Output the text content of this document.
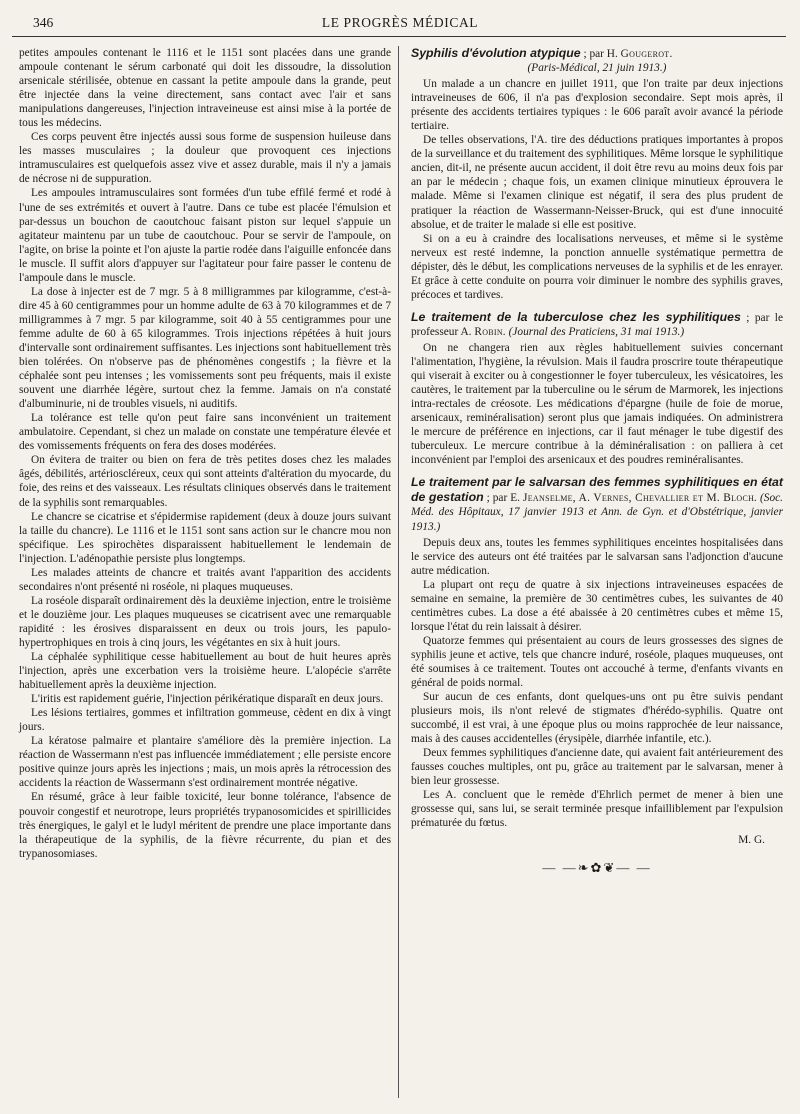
346	LE PROGRÈS MÉDICAL

petites ampoules contenant le 1116 et le 1151 sont placées dans une grande ampoule contenant le sérum carbonaté qui doit les dissoudre, la dissolution arsenicale stérilisée, obtenue en cassant la petite ampoule dans la grande, peut être injectée dans la veine directement, sans contact avec l'air et sans manipulations dangereuses, l'injection intraveineuse est ainsi mise à la portée de tous les médecins.

Ces corps peuvent être injectés aussi sous forme de suspension huileuse dans les masses musculaires ; la douleur que provoquent ces injections intramusculaires est quelquefois assez vive et assez durable, mais il n'y a jamais de nécrose ni de suppuration.

Les ampoules intramusculaires sont formées d'un tube effilé fermé et rodé à l'une de ses extrémités et ouvert à l'autre. Dans ce tube est placée l'émulsion et par-dessus un bouchon de caoutchouc faisant piston sur lequel s'appuie un agitateur maintenu par un tube de caoutchouc. Pour se servir de l'ampoule, on l'agite, on brise la pointe et l'on ajuste la partie rodée dans l'aiguille enfoncée dans le muscle. Il suffit alors d'appuyer sur l'agitateur pour faire passer le contenu de l'ampoule dans le muscle.

La dose à injecter est de 7 mgr. 5 à 8 milligrammes par kilogramme, c'est-à-dire 45 à 60 centigrammes pour un homme adulte de 63 à 70 kilogrammes et de 7 milligrammes à 7 mgr. 5 par kilogramme, soit 40 à 55 centigrammes pour une femme adulte de 60 à 65 kilogrammes. Trois injections répétées à huit jours d'intervalle sont ordinairement suffisantes. Les injections sont habituellement très bien tolérées. On n'observe pas de phénomènes congestifs ; la fièvre et la céphalée sont peu intenses ; les vomissements sont peu fréquents, mais il existe souvent une diarrhée légère, surtout chez la femme. Jamais on n'a constaté d'albuminurie, ni de troubles visuels, ni auditifs.

La tolérance est telle qu'on peut faire sans inconvénient un traitement ambulatoire. Cependant, si chez un malade on constate une température élevée et des vomissements fréquents on fera des doses modérées.

On évitera de traiter ou bien on fera de très petites doses chez les malades âgés, débilités, artérioscléreux, ceux qui sont atteints d'altération du myocarde, du foie, des reins et des vaisseaux. Les résultats cliniques observés dans le traitement de la syphilis sont remarquables.

Le chancre se cicatrise et s'épidermise rapidement (deux à douze jours suivant la taille du chancre). Le 1116 et le 1151 sont sans action sur le chancre mou non spécifique. Les spirochètes disparaissent habituellement le lendemain de l'injection. L'adénopathie persiste plus longtemps.

Les malades atteints de chancre et traités avant l'apparition des accidents secondaires n'ont présenté ni roséole, ni plaques muqueuses.

La roséole disparaît ordinairement dès la deuxième injection, entre le troisième et le douzième jour. Les plaques muqueuses se cicatrisent avec une remarquable rapidité : les érosives disparaissent en deux ou trois jours, les papulo-hypertrophiques en trois à cinq jours, les végétantes en six à huit jours.

La céphalée syphilitique cesse habituellement au bout de huit heures après l'injection, après une excerbation vers la troisième heure. L'alopécie s'arrête habituellement après la deuxième injection.

L'iritis est rapidement guérie, l'injection périkératique disparaît en deux jours.

Les lésions tertiaires, gommes et infiltration gommeuse, cèdent en dix à vingt jours.

La kératose palmaire et plantaire s'améliore dès la première injection. La réaction de Wassermann n'est pas influencée immédiatement ; elle persiste encore positive quinze jours après les injections ; mais, un mois après la rétrocession des accidents la réaction de Wassermann s'est ordinairement montrée négative.

En résumé, grâce à leur faible toxicité, leur bonne tolérance, l'absence de pouvoir congestif et neurotrope, leurs propriétés trypanosomicides et spirillicides très énergiques, le galyl et le ludyl méritent de prendre une place importante dans la thérapeutique de la syphilis, de la fièvre récurrente, du pian et des trypanosomiases.

Syphilis d'évolution atypique ; par H. Gougerot.
(Paris-Médical, 21 juin 1913.)

Un malade a un chancre en juillet 1911, que l'on traite par deux injections intraveineuses de 606, il n'a pas d'explosion secondaire. Sept mois après, il présente des accidents tertiaires typiques : le 606 paraît avoir avancé la période tertiaire.

De telles observations, l'A. tire des déductions pratiques importantes à propos de la surveillance et du traitement des syphilitiques. Même lorsque le syphilitique ancien, dit-il, ne présente aucun accident, il doit être revu au moins deux fois par an par le médecin ; chaque fois, un examen clinique minutieux éprouvera le malade. Même si l'examen clinique est négatif, il sera des plus prudent de pratiquer la réaction de Wassermann-Neisser-Bruck, qui est d'une innocuité absolue, et de traiter le malade si elle est positive.

Si on a eu à craindre des localisations nerveuses, et même si le système nerveux est resté indemne, la ponction annuelle systématique permettra de dépister, dès le début, les complications nerveuses de la syphilis et de les enrayer. Et grâce à cette conduite on pourra voir diminuer le nombre des syphilis graves, précoces et tardives.

Le traitement de la tuberculose chez les syphilitiques ; par le professeur A. Robin. (Journal des Praticiens, 31 mai 1913.)

On ne changera rien aux règles habituellement suivies concernant l'alimentation, l'hygiène, la révulsion. Mais il faudra proscrire toute thérapeutique qui viserait à exciter ou à congestionner le foyer tuberculeux, les vésicatoires, les cautères, le traitement par la tuberculine ou le sérum de Marmorek, les injections intra-rectales de créosote. Les médications d'épargne (huile de foie de morue, arsenicaux, reminéralisation) seront plus que jamais indiquées. On administrera le mercure de préférence en injections, car il faut ménager le tube digestif des tuberculeux. Le mercure contribue à la déminéralisation : on palliera à cet inconvénient par l'emploi des arsenicaux et des poudres reminéralisantes.

Le traitement par le salvarsan des femmes syphilitiques en état de gestation ; par E. Jeanselme, A. Vernes, Chevallier et M. Bloch. (Soc. Méd. des Hôpitaux, 17 janvier 1913 et Ann. de Gyn. et d'Obstétrique, janvier 1913.)

Depuis deux ans, toutes les femmes syphilitiques enceintes hospitalisées dans le service des auteurs ont été traitées par le salvarsan sans l'adjonction d'aucune autre médication.

La plupart ont reçu de quatre à six injections intraveineuses espacées de semaine en semaine, la première de 30 centimètres cubes, les suivantes de 40 centimètres cubes. La dose a été abaissée à 20 centimètres cubes et même 15, lorsque l'état du rein laissait à désirer.

Quatorze femmes qui présentaient au cours de leurs grossesses des signes de syphilis jeune et active, tels que chancre induré, roséole, plaques muqueuses, ont été soumises à ce traitement. Toutes ont accouché à terme, d'enfants vivants en général de poids normal.

Sur aucun de ces enfants, dont quelques-uns ont pu être suivis pendant plusieurs mois, ils n'ont relevé de stigmates d'hérédo-syphilis. Quatre ont succombé, il est vrai, à une époque plus ou moins rapprochée de leur naissance, mais à des causes accidentelles (érysipèle, diarrhée infantile, etc.).

Deux femmes syphilitiques d'ancienne date, qui avaient fait antérieurement des fausses couches multiples, ont pu, grâce au traitement par le salvarsan, mener à bien leur grossesse.

Les A. concluent que le remède d'Ehrlich permet de mener à bien une grossesse qui, sans lui, se serait terminée presque infailliblement par l'expulsion prématurée du fœtus.

M. G.

— —❧✿❦— —
